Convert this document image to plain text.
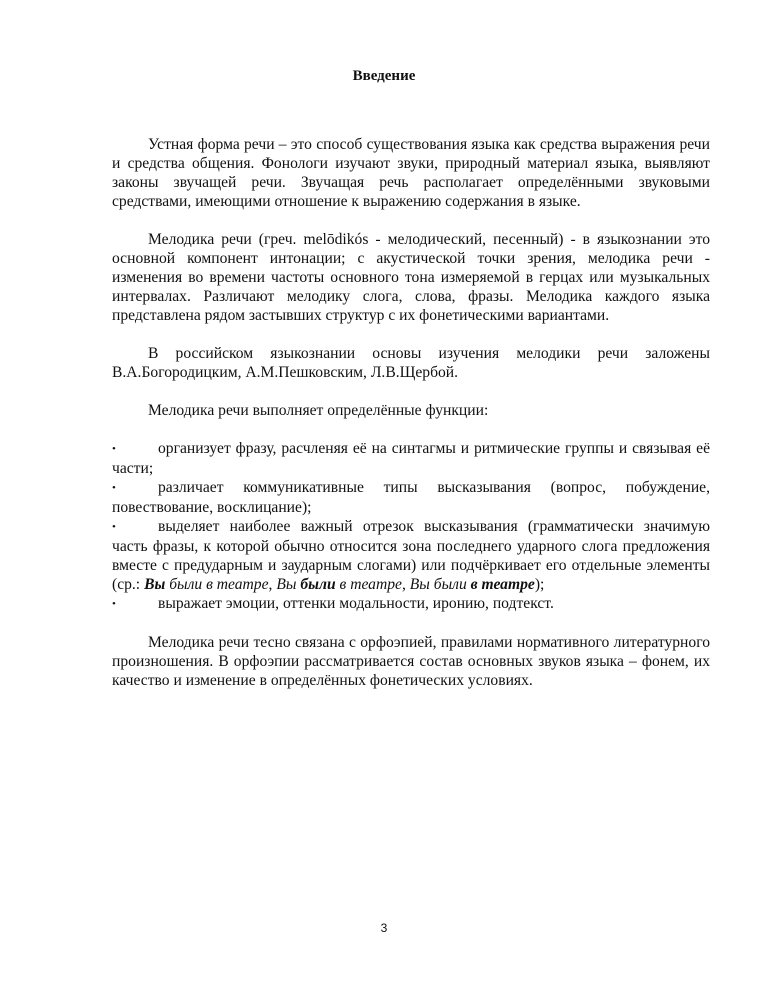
Введение

Устная форма речи – это способ существования языка как средства выражения речи и средства общения. Фонологи изучают звуки, природный материал языка, выявляют законы звучащей речи. Звучащая речь располагает определёнными звуковыми средствами, имеющими отношение к выражению содержания в языке.

Мелодика речи (греч. melōdikós - мелодический, песенный) - в языкознании это основной компонент интонации; с акустической точки зрения, мелодика речи - изменения во времени частоты основного тона измеряемой в герцах или музыкальных интервалах. Различают мелодику слога, слова, фразы. Мелодика каждого языка представлена рядом застывших структур с их фонетическими вариантами.

В российском языкознании основы изучения мелодики речи заложены В.А.Богородицким, А.М.Пешковским, Л.В.Щербой.

Мелодика речи выполняет определённые функции:

•	организует фразу, расчленяя её на синтагмы и ритмические группы и связывая её части;
•	различает коммуникативные типы высказывания (вопрос, побуждение, повествование, восклицание);
•	выделяет наиболее важный отрезок высказывания (грамматически значимую часть фразы, к которой обычно относится зона последнего ударного слога предложения вместе с предударным и заударным слогами) или подчёркивает его отдельные элементы (ср.: Вы были в театре, Вы были в театре, Вы были в театре);
•	выражает эмоции, оттенки модальности, иронию, подтекст.

Мелодика речи тесно связана с орфоэпией, правилами нормативного литературного произношения. В орфоэпии рассматривается состав основных звуков языка – фонем, их качество и изменение в определённых фонетических условиях.

3
